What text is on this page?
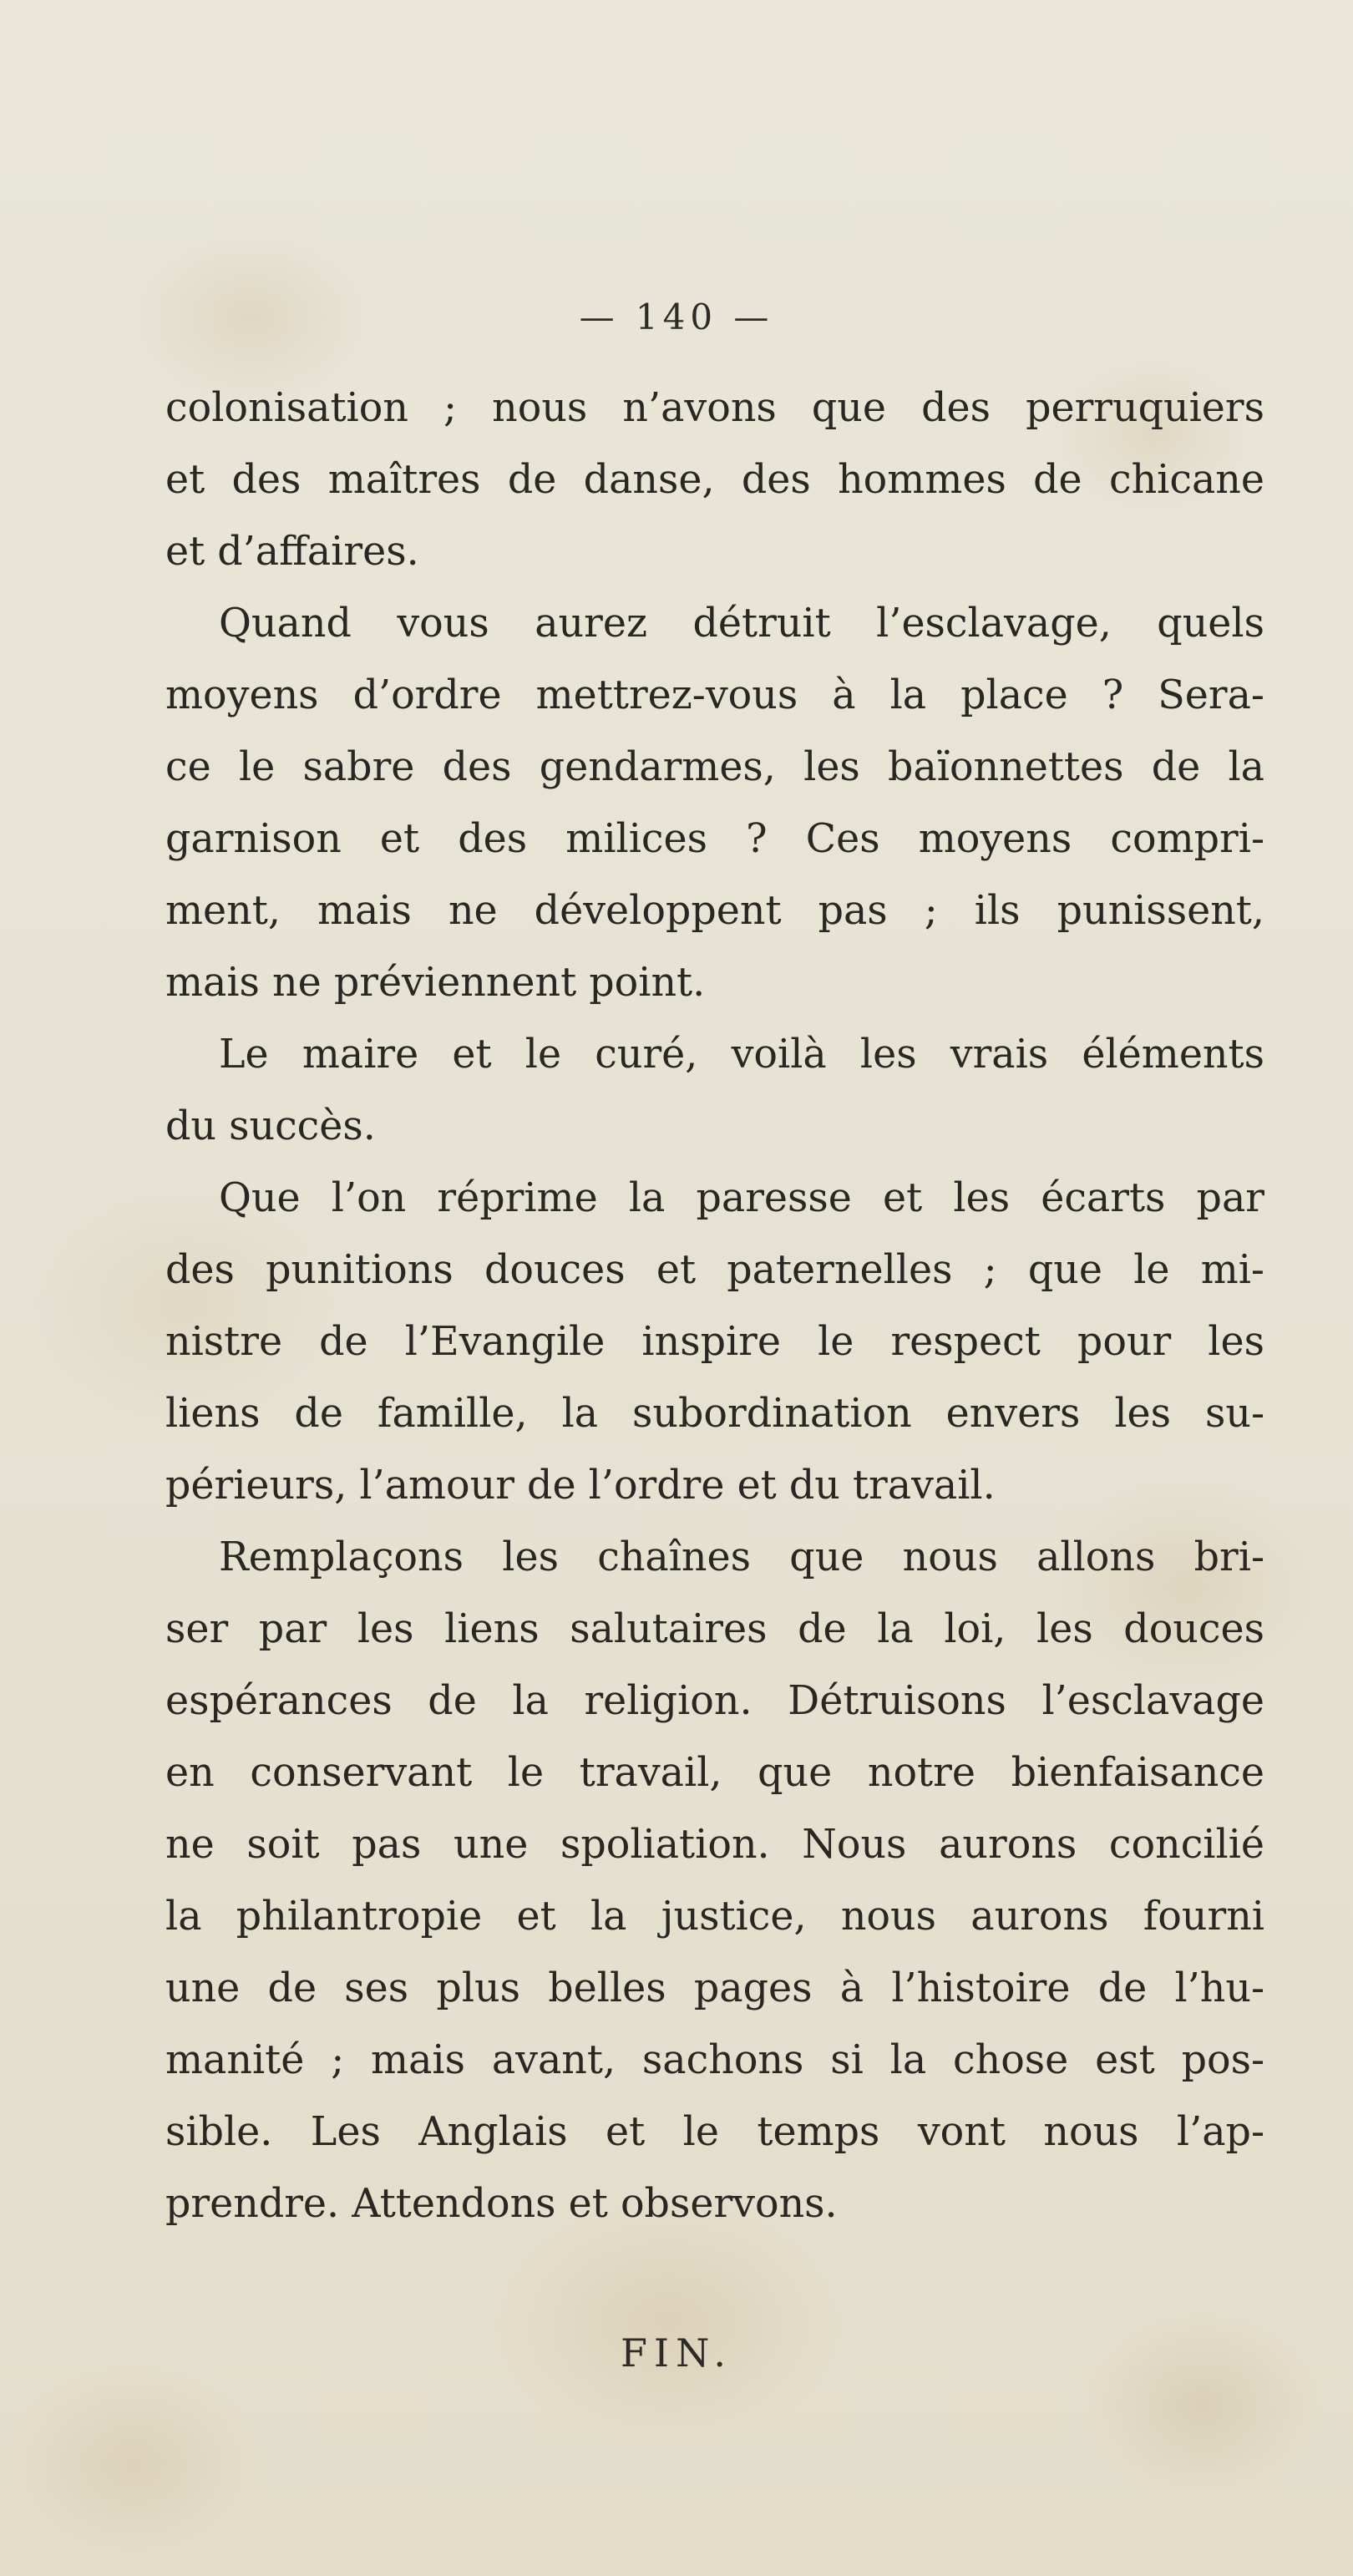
— 140 —
colonisation ; nous n’avons que des perruquiers
et des maîtres de danse, des hommes de chicane
et d’affaires.
Quand vous aurez détruit l’esclavage, quels
moyens d’ordre mettrez-vous à la place ? Sera-
ce le sabre des gendarmes, les baïonnettes de la
garnison et des milices ? Ces moyens compri-
ment, mais ne développent pas ; ils punissent,
mais ne préviennent point.
Le maire et le curé, voilà les vrais éléments
du succès.
Que l’on réprime la paresse et les écarts par
des punitions douces et paternelles ; que le mi-
nistre de l’Evangile inspire le respect pour les
liens de famille, la subordination envers les su-
périeurs, l’amour de l’ordre et du travail.
Remplaçons les chaînes que nous allons bri-
ser par les liens salutaires de la loi, les douces
espérances de la religion. Détruisons l’esclavage
en conservant le travail, que notre bienfaisance
ne soit pas une spoliation. Nous aurons concilié
la philantropie et la justice, nous aurons fourni
une de ses plus belles pages à l’histoire de l’hu-
manité ; mais avant, sachons si la chose est pos-
sible. Les Anglais et le temps vont nous l’ap-
prendre. Attendons et observons.
FIN.
